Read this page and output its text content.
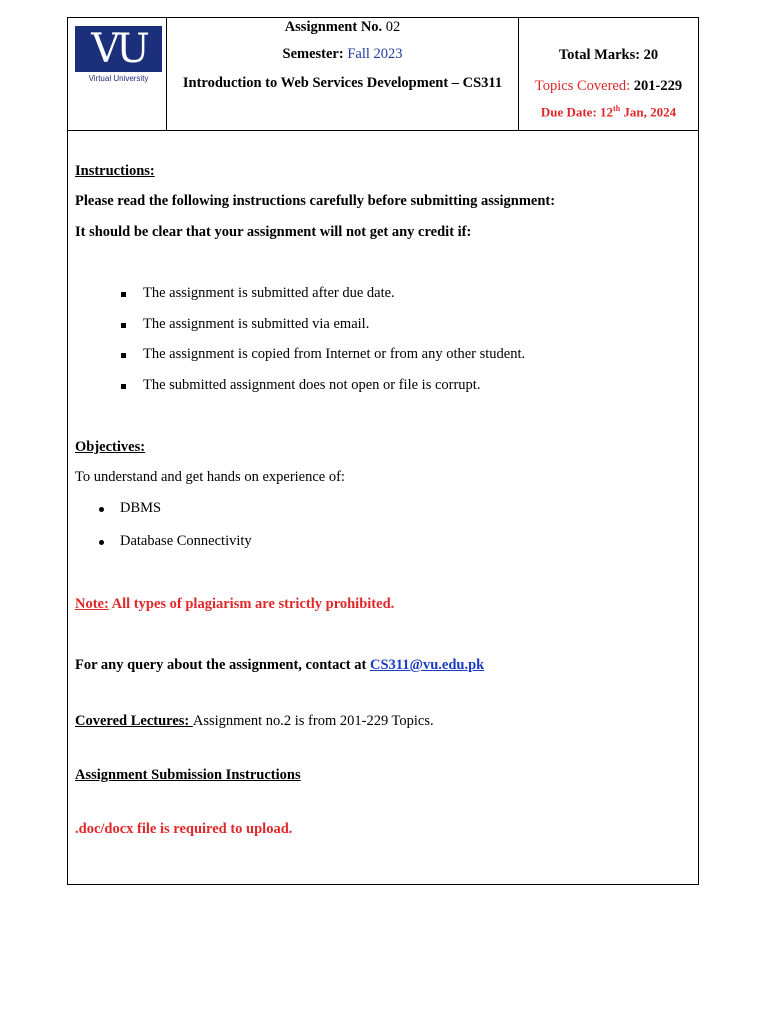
VU
Virtual University
Assignment No. 02
Semester: Fall 2023
Introduction to Web Services Development – CS311
Total Marks: 20
Topics Covered: 201-229
Due Date: 12th Jan, 2024
Instructions:
Please read the following instructions carefully before submitting assignment:
It should be clear that your assignment will not get any credit if:
The assignment is submitted after due date.
The assignment is submitted via email.
The assignment is copied from Internet or from any other student.
The submitted assignment does not open or file is corrupt.
Objectives:
To understand and get hands on experience of:
DBMS
Database Connectivity
Note: All types of plagiarism are strictly prohibited.
For any query about the assignment, contact at CS311@vu.edu.pk
Covered Lectures: Assignment no.2 is from 201-229 Topics.
Assignment Submission Instructions
.doc/docx file is required to upload.
